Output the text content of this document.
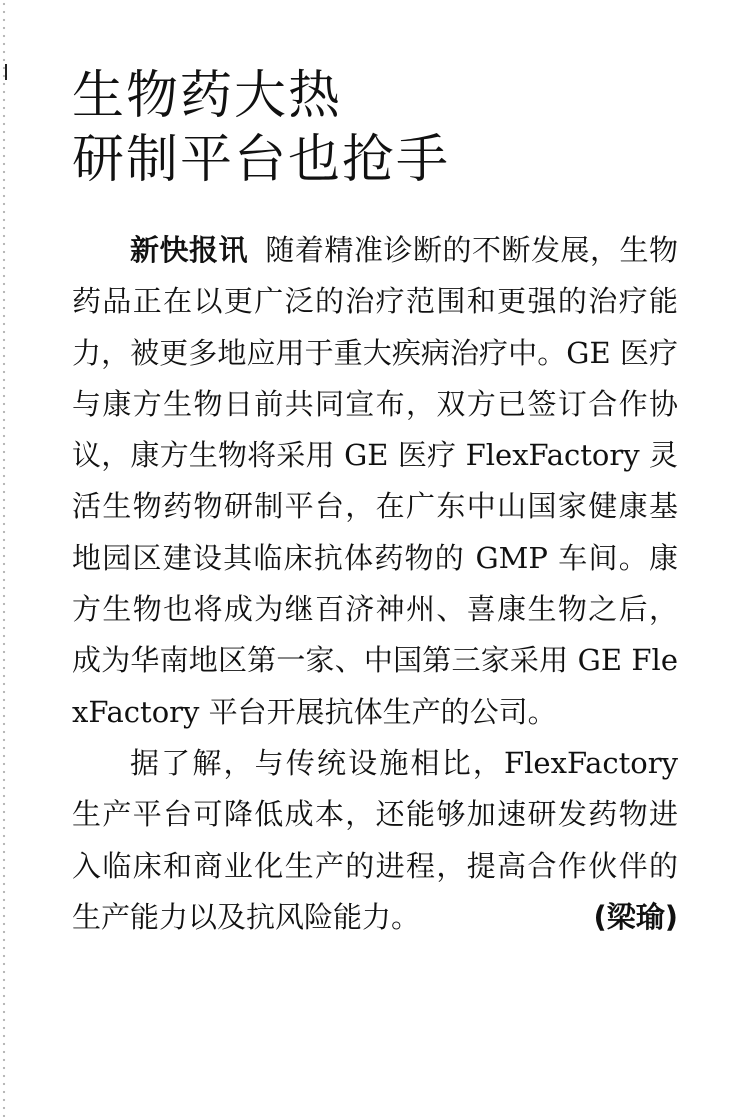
生物药大热
研制平台也抢手

新快报讯 随着精准诊断的不断发展，生物药品正在以更广泛的治疗范围和更强的治疗能力，被更多地应用于重大疾病治疗中。GE 医疗与康方生物日前共同宣布，双方已签订合作协议，康方生物将采用 GE 医疗 FlexFactory 灵活生物药物研制平台，在广东中山国家健康基地园区建设其临床抗体药物的 GMP 车间。康方生物也将成为继百济神州、喜康生物之后，成为华南地区第一家、中国第三家采用 GE FlexFactory 平台开展抗体生产的公司。

据了解，与传统设施相比，FlexFactory 生产平台可降低成本，还能够加速研发药物进入临床和商业化生产的进程，提高合作伙伴的生产能力以及抗风险能力。	(梁瑜)
